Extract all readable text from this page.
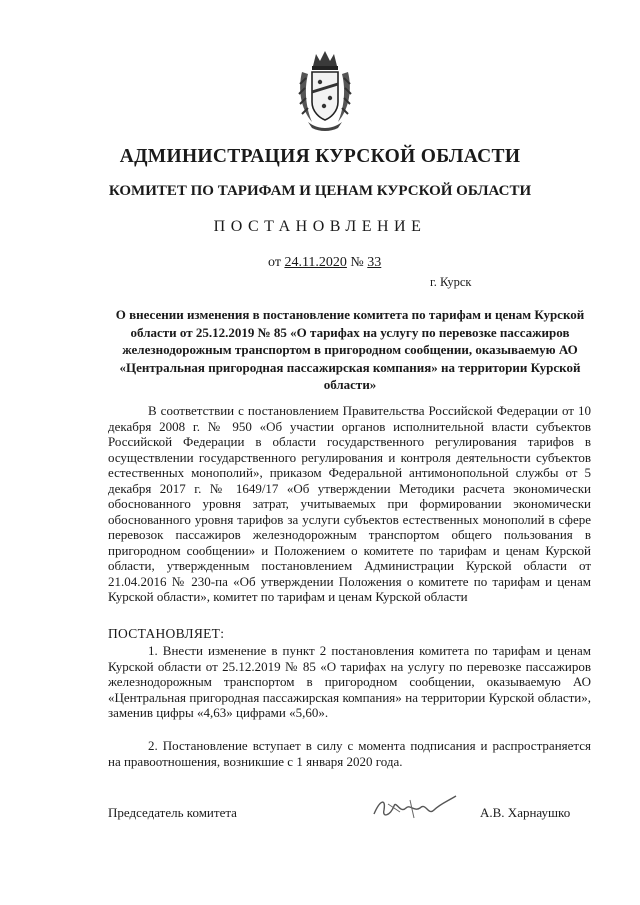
АДМИНИСТРАЦИЯ КУРСКОЙ ОБЛАСТИ
КОМИТЕТ ПО ТАРИФАМ И ЦЕНАМ КУРСКОЙ ОБЛАСТИ
ПОСТАНОВЛЕНИЕ
от 24.11.2020 № 33
г. Курск
О внесении изменения в постановление комитета по тарифам и ценам Курской области от 25.12.2019 № 85 «О тарифах на услугу по перевозке пассажиров железнодорожным транспортом в пригородном сообщении, оказываемую АО «Центральная пригородная пассажирская компания» на территории Курской области»
В соответствии с постановлением Правительства Российской Федерации от 10 декабря 2008 г. № 950 «Об участии органов исполнительной власти субъектов Российской Федерации в области государственного регулирования тарифов в осуществлении государственного регулирования и контроля деятельности субъектов естественных монополий», приказом Федеральной антимонопольной службы от 5 декабря 2017 г. № 1649/17 «Об утверждении Методики расчета экономически обоснованного уровня затрат, учитываемых при формировании экономически обоснованного уровня тарифов за услуги субъектов естественных монополий в сфере перевозок пассажиров железнодорожным транспортом общего пользования в пригородном сообщении» и Положением о комитете по тарифам и ценам Курской области, утвержденным постановлением Администрации Курской области от 21.04.2016 № 230-па «Об утверждении Положения о комитете по тарифам и ценам Курской области», комитет по тарифам и ценам Курской области
ПОСТАНОВЛЯЕТ:
1. Внести изменение в пункт 2 постановления комитета по тарифам и ценам Курской области от 25.12.2019 № 85 «О тарифах на услугу по перевозке пассажиров железнодорожным транспортом в пригородном сообщении, оказываемую АО «Центральная пригородная пассажирская компания» на территории Курской области», заменив цифры «4,63» цифрами «5,60».
2. Постановление вступает в силу с момента подписания и распространяется на правоотношения, возникшие с 1 января 2020 года.
Председатель комитета	А.В. Харнаушко
